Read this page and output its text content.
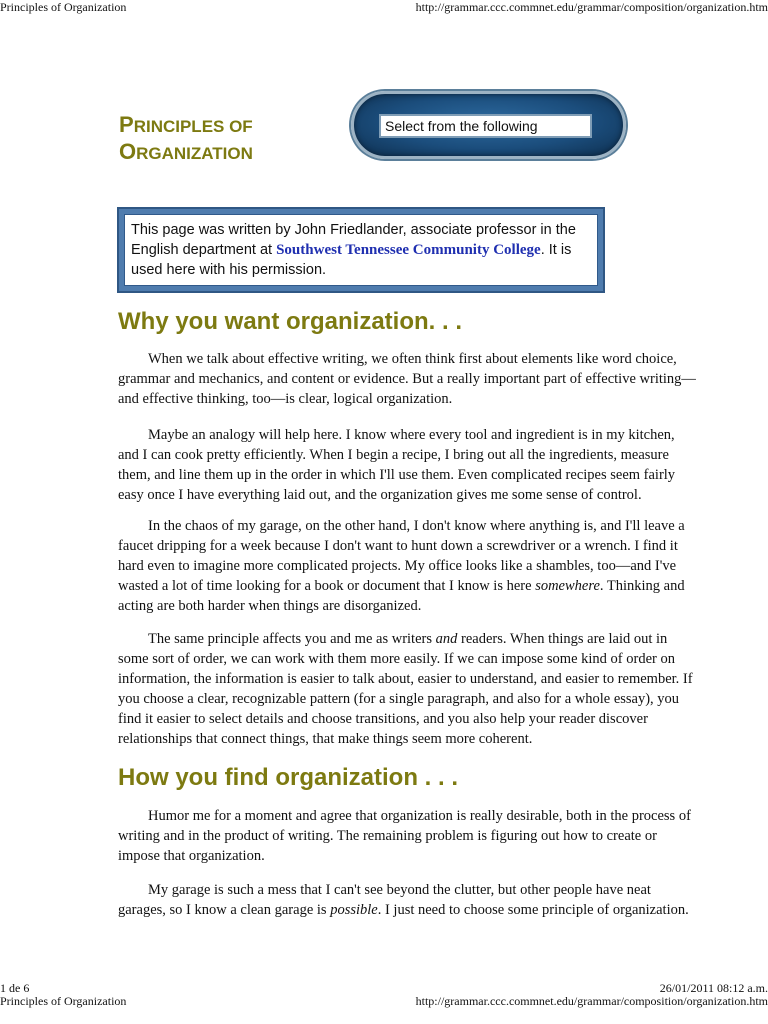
Principles of Organization	http://grammar.ccc.commnet.edu/grammar/composition/organization.htm
PRINCIPLES OF
ORGANIZATION
Select from the following
This page was written by John Friedlander, associate professor in the English department at Southwest Tennessee Community College. It is used here with his permission.
Why you want organization. . .
When we talk about effective writing, we often think first about elements like word choice, grammar and mechanics, and content or evidence. But a really important part of effective writing—and effective thinking, too—is clear, logical organization.
Maybe an analogy will help here. I know where every tool and ingredient is in my kitchen, and I can cook pretty efficiently. When I begin a recipe, I bring out all the ingredients, measure them, and line them up in the order in which I'll use them. Even complicated recipes seem fairly easy once I have everything laid out, and the organization gives me some sense of control.
In the chaos of my garage, on the other hand, I don't know where anything is, and I'll leave a faucet dripping for a week because I don't want to hunt down a screwdriver or a wrench. I find it hard even to imagine more complicated projects. My office looks like a shambles, too—and I've wasted a lot of time looking for a book or document that I know is here somewhere. Thinking and acting are both harder when things are disorganized.
The same principle affects you and me as writers and readers. When things are laid out in some sort of order, we can work with them more easily. If we can impose some kind of order on information, the information is easier to talk about, easier to understand, and easier to remember. If you choose a clear, recognizable pattern (for a single paragraph, and also for a whole essay), you find it easier to select details and choose transitions, and you also help your reader discover relationships that connect things, that make things seem more coherent.
How you find organization . . .
Humor me for a moment and agree that organization is really desirable, both in the process of writing and in the product of writing. The remaining problem is figuring out how to create or impose that organization.
My garage is such a mess that I can't see beyond the clutter, but other people have neat garages, so I know a clean garage is possible. I just need to choose some principle of organization.
1 de 6	26/01/2011 08:12 a.m.
Principles of Organization	http://grammar.ccc.commnet.edu/grammar/composition/organization.htm
